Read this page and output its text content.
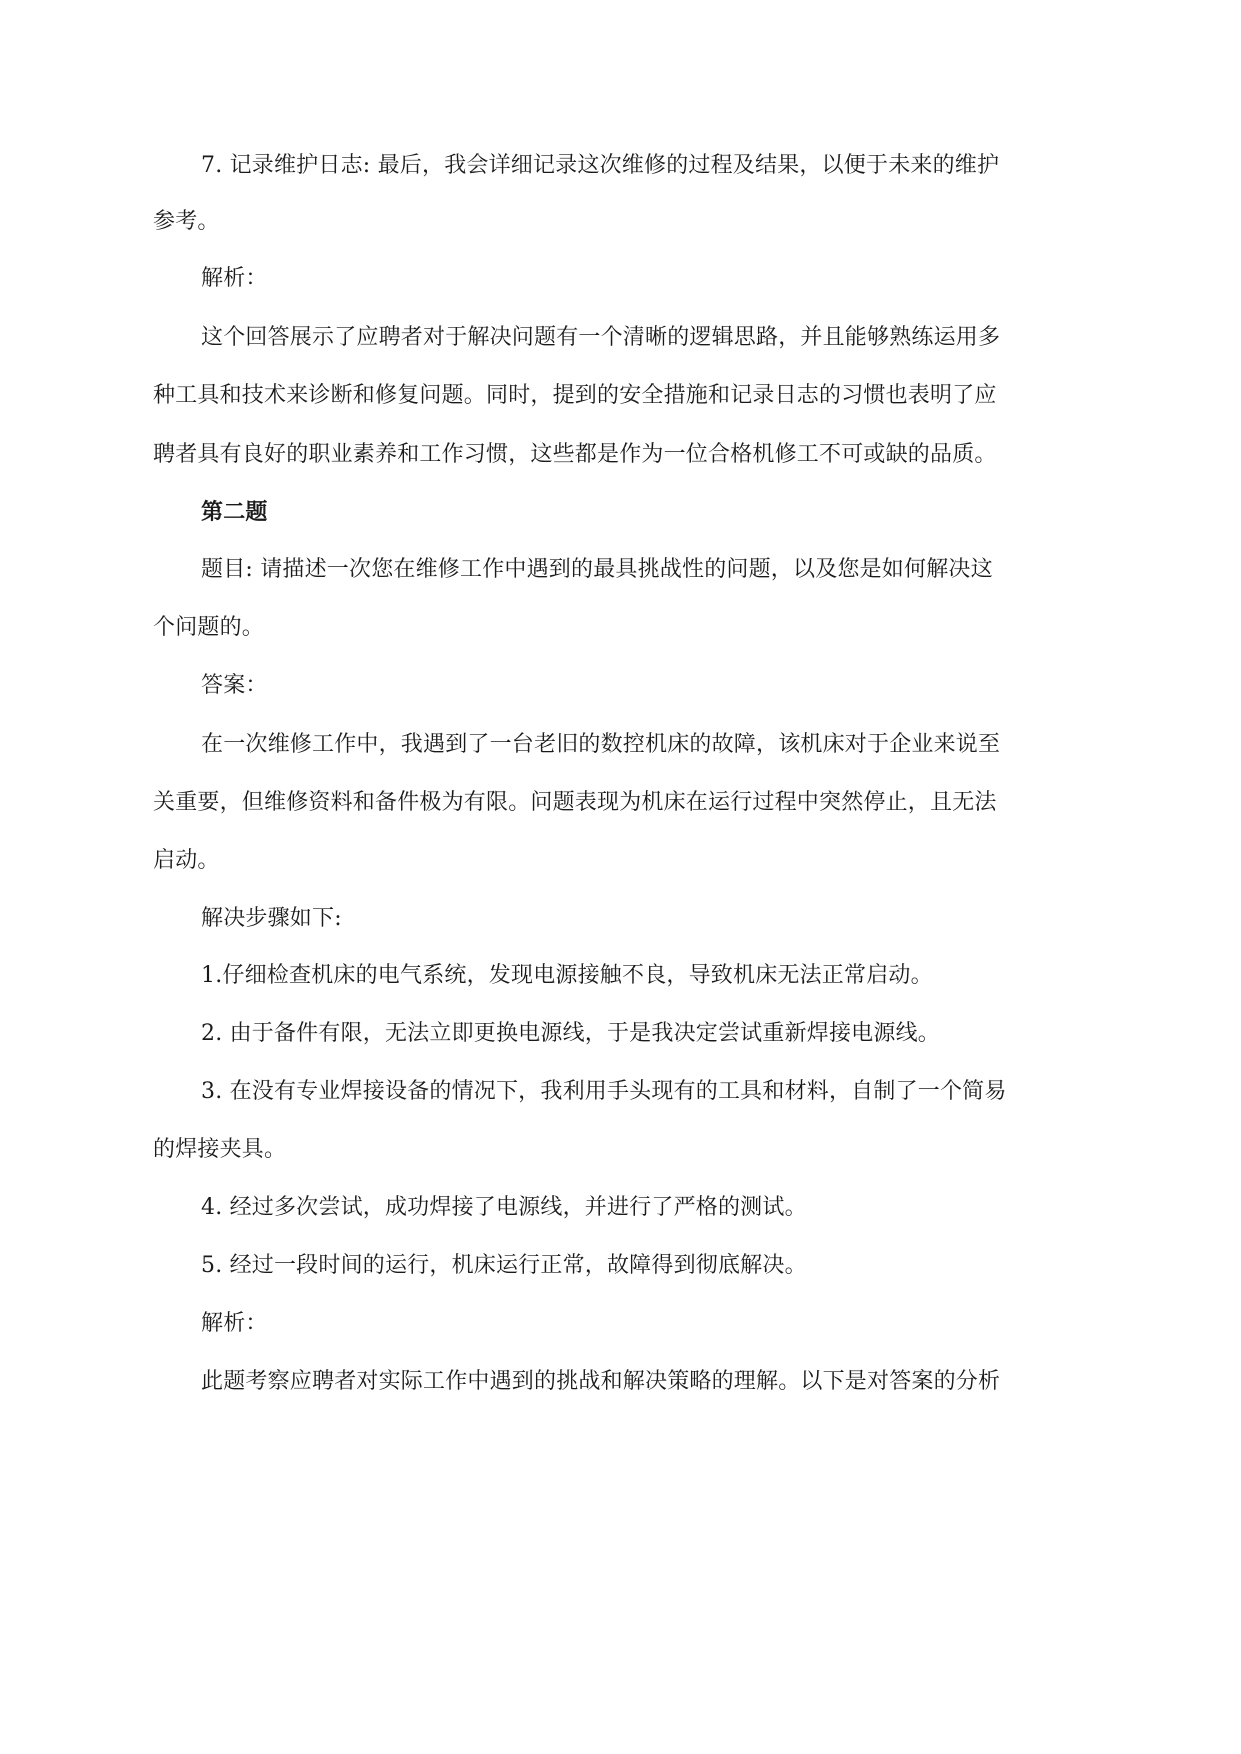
7. 记录维护日志: 最后，我会详细记录这次维修的过程及结果，以便于未来的维护
参考。
解析：
这个回答展示了应聘者对于解决问题有一个清晰的逻辑思路，并且能够熟练运用多
种工具和技术来诊断和修复问题。同时，提到的安全措施和记录日志的习惯也表明了应
聘者具有良好的职业素养和工作习惯，这些都是作为一位合格机修工不可或缺的品质。
第二题
题目: 请描述一次您在维修工作中遇到的最具挑战性的问题，以及您是如何解决这
个问题的。
答案：
在一次维修工作中，我遇到了一台老旧的数控机床的故障，该机床对于企业来说至
关重要，但维修资料和备件极为有限。问题表现为机床在运行过程中突然停止，且无法
启动。
解决步骤如下:
1.仔细检查机床的电气系统，发现电源接触不良，导致机床无法正常启动。
2. 由于备件有限，无法立即更换电源线，于是我决定尝试重新焊接电源线。
3. 在没有专业焊接设备的情况下，我利用手头现有的工具和材料，自制了一个简易
的焊接夹具。
4. 经过多次尝试，成功焊接了电源线，并进行了严格的测试。
5. 经过一段时间的运行，机床运行正常，故障得到彻底解决。
解析：
此题考察应聘者对实际工作中遇到的挑战和解决策略的理解。以下是对答案的分析
